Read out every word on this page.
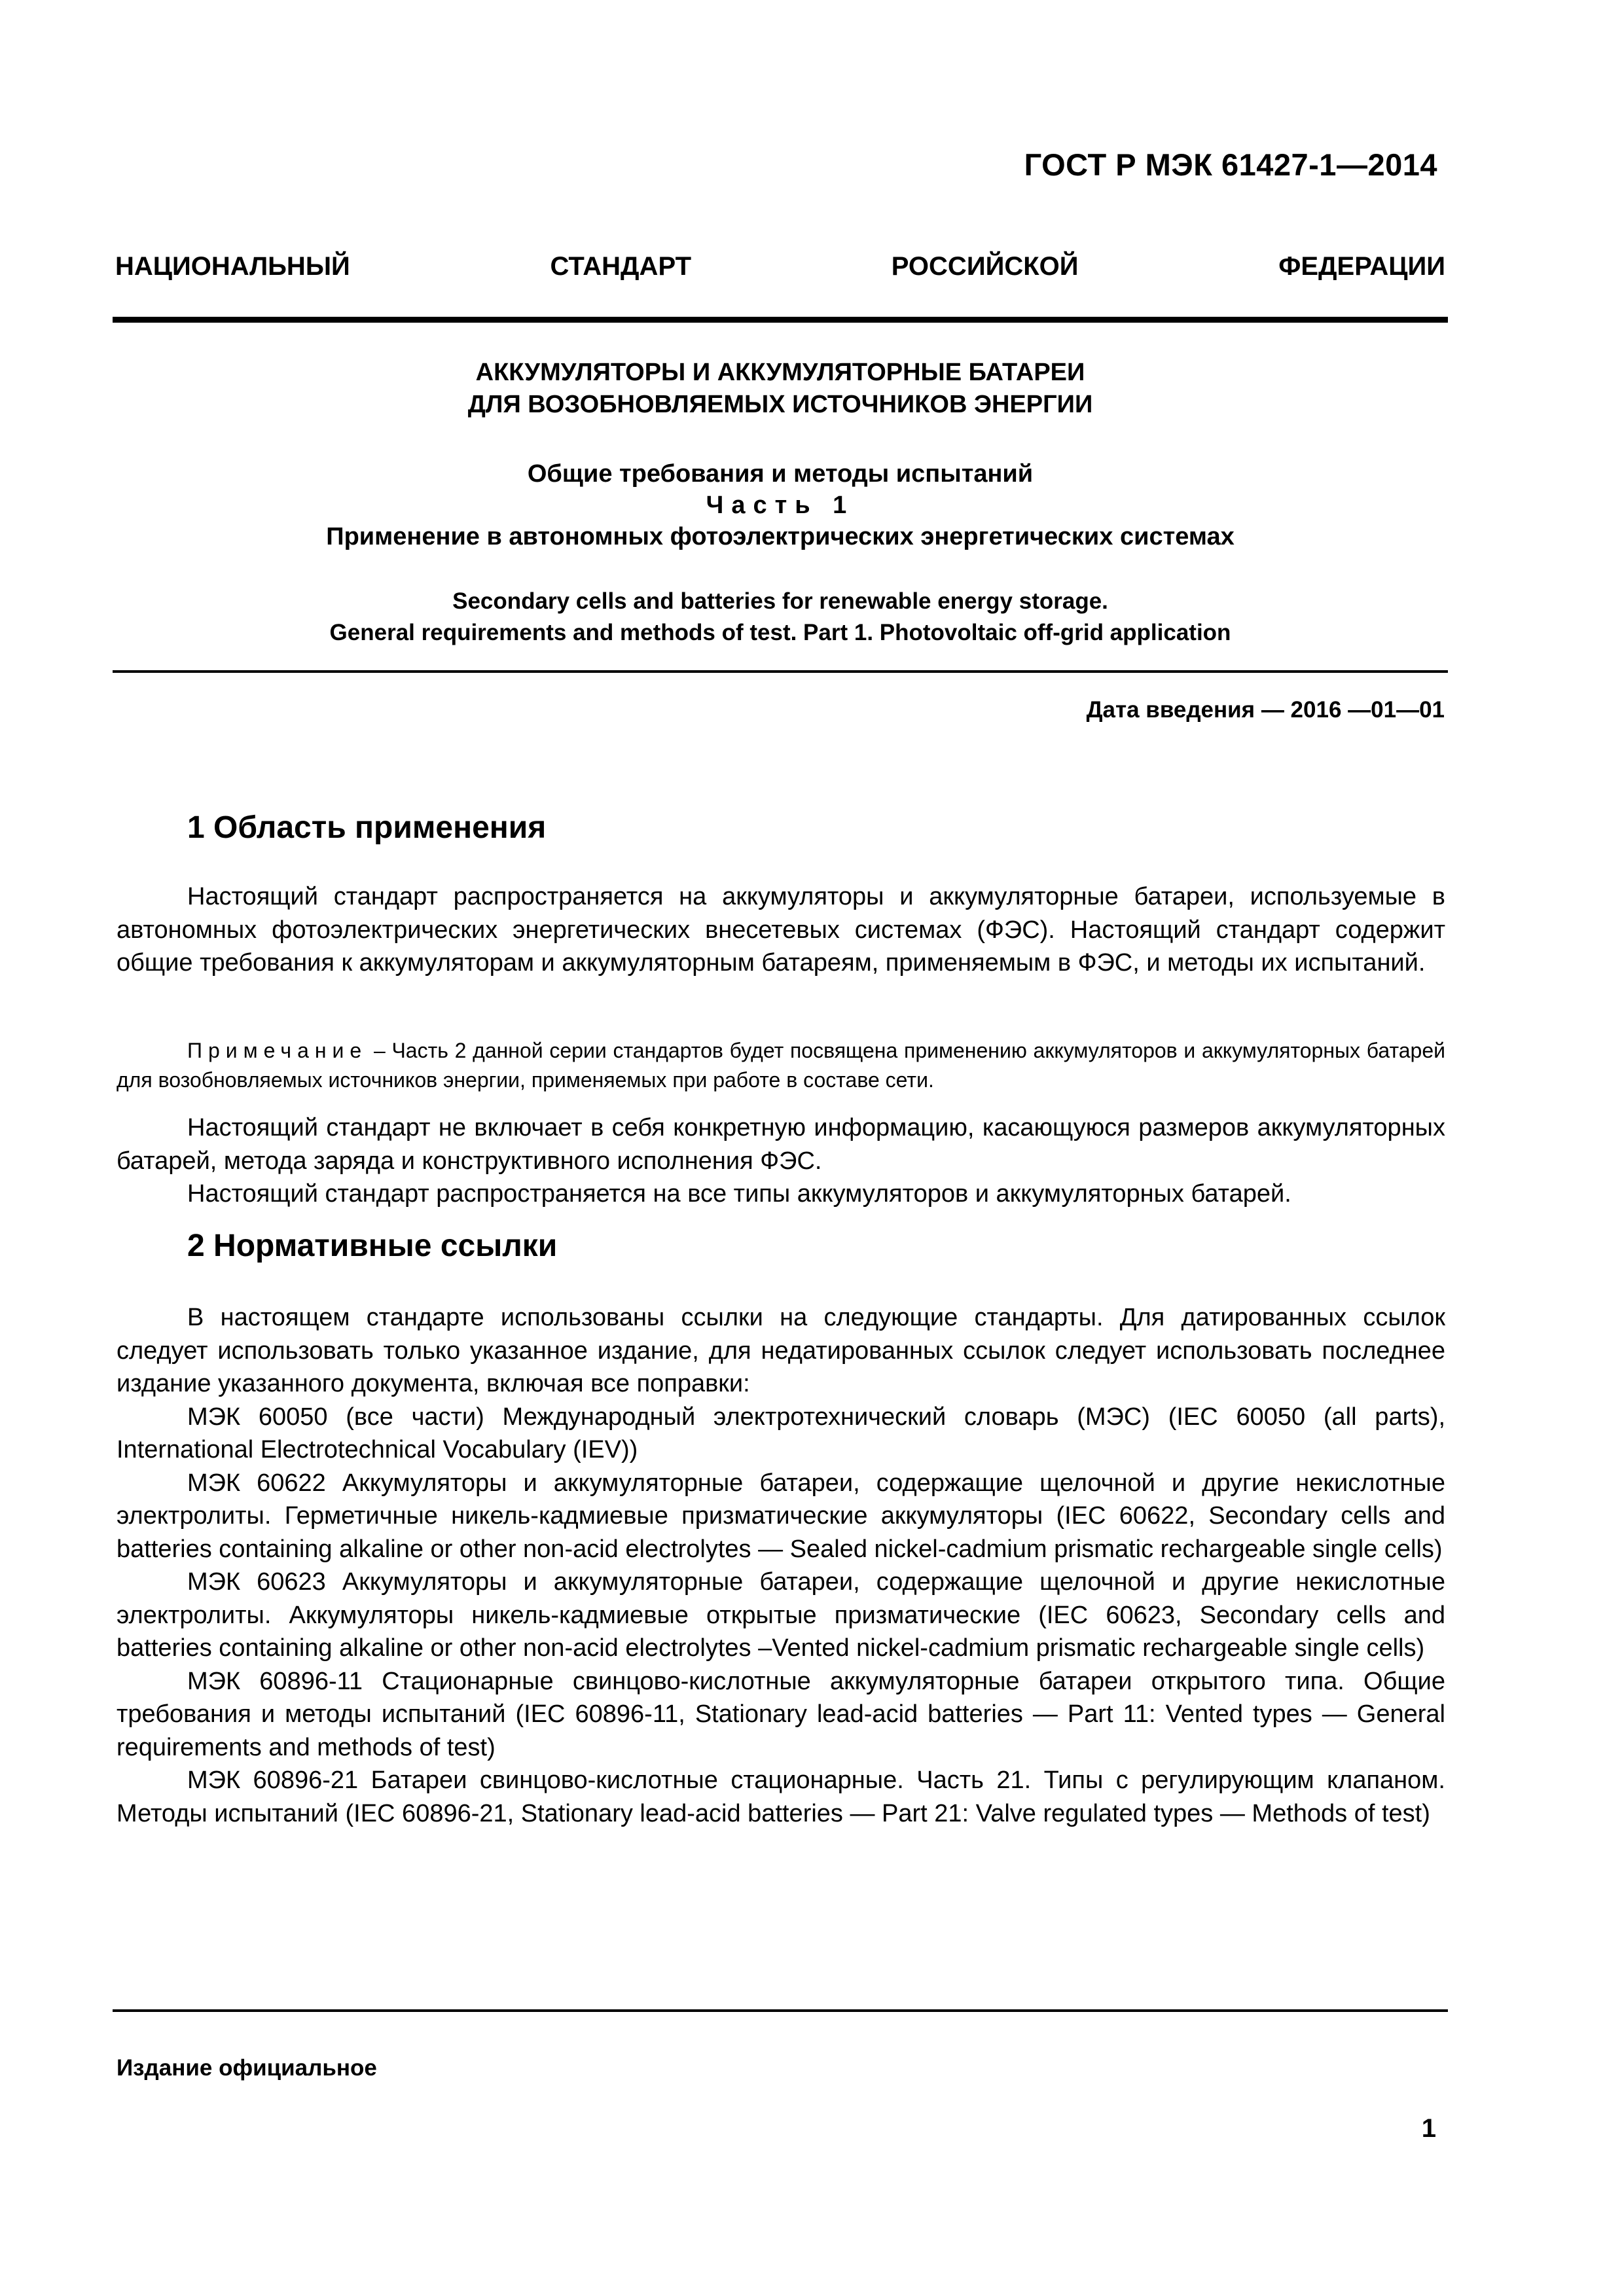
ГОСТ Р МЭК 61427-1—2014
НАЦИОНАЛЬНЫЙ СТАНДАРТ РОССИЙСКОЙ ФЕДЕРАЦИИ
АККУМУЛЯТОРЫ И АККУМУЛЯТОРНЫЕ БАТАРЕИ
ДЛЯ ВОЗОБНОВЛЯЕМЫХ ИСТОЧНИКОВ ЭНЕРГИИ
Общие требования и методы испытаний
Часть 1
Применение в автономных фотоэлектрических энергетических системах
Secondary cells and batteries for renewable energy storage.
General requirements and methods of test. Part 1. Photovoltaic off-grid application
Дата введения — 2016 —01—01
1 Область применения

Настоящий стандарт распространяется на аккумуляторы и аккумуляторные батареи, используемые в автономных фотоэлектрических энергетических внесетевых системах (ФЭС). Настоящий стандарт содержит общие требования к аккумуляторам и аккумуляторным батареям, применяемым в ФЭС, и методы их испытаний.

Примечание – Часть 2 данной серии стандартов будет посвящена применению аккумуляторов и аккумуляторных батарей для возобновляемых источников энергии, применяемых при работе в составе сети.

Настоящий стандарт не включает в себя конкретную информацию, касающуюся размеров аккумуляторных батарей, метода заряда и конструктивного исполнения ФЭС.

Настоящий стандарт распространяется на все типы аккумуляторов и аккумуляторных батарей.

2 Нормативные ссылки

В настоящем стандарте использованы ссылки на следующие стандарты. Для датированных ссылок следует использовать только указанное издание, для недатированных ссылок следует использовать последнее издание указанного документа, включая все поправки:

МЭК 60050 (все части) Международный электротехнический словарь (МЭС) (IEC 60050 (all parts), International Electrotechnical Vocabulary (IEV))

МЭК 60622 Аккумуляторы и аккумуляторные батареи, содержащие щелочной и другие некислотные электролиты. Герметичные никель-кадмиевые призматические аккумуляторы (IEC 60622, Secondary cells and batteries containing alkaline or other non-acid electrolytes — Sealed nickel-cadmium prismatic rechargeable single cells)

МЭК 60623 Аккумуляторы и аккумуляторные батареи, содержащие щелочной и другие некислотные электролиты. Аккумуляторы никель-кадмиевые открытые призматические (IEC 60623, Secondary cells and batteries containing alkaline or other non-acid electrolytes –Vented nickel-cadmium prismatic rechargeable single cells)

МЭК 60896-11 Стационарные свинцово-кислотные аккумуляторные батареи открытого типа. Общие требования и методы испытаний (IEC 60896-11, Stationary lead-acid batteries — Part 11: Vented types — General requirements and methods of test)

МЭК 60896-21 Батареи свинцово-кислотные стационарные. Часть 21. Типы с регулирующим клапаном. Методы испытаний (IEC 60896-21, Stationary lead-acid batteries — Part 21: Valve regulated types — Methods of test)

Издание официальное
1
